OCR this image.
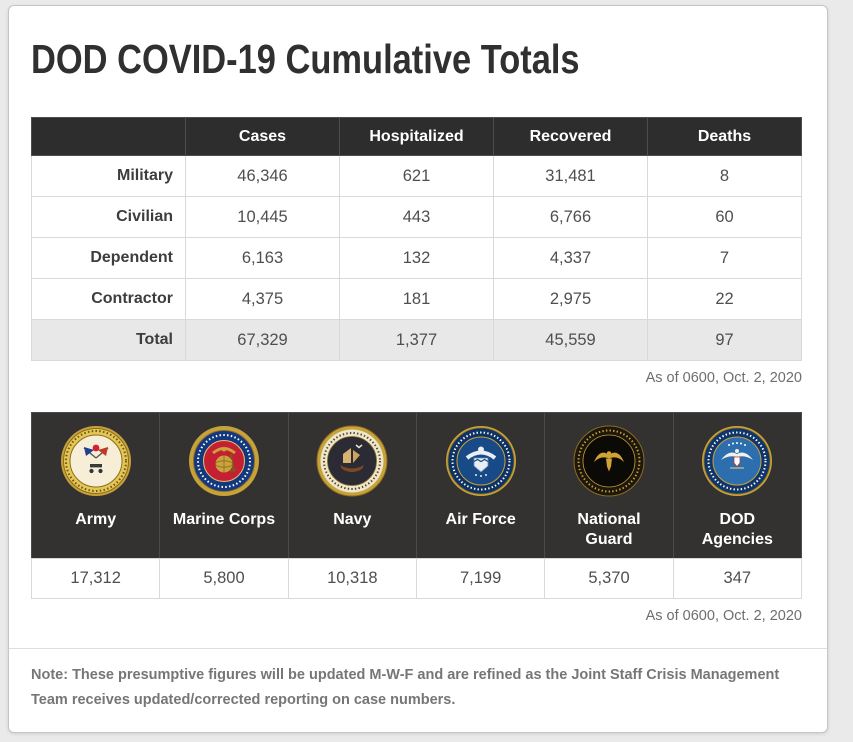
DOD COVID-19 Cumulative Totals
	Cases	Hospitalized	Recovered	Deaths
Military	46,346	621	31,481	8
Civilian	10,445	443	6,766	60
Dependent	6,163	132	4,337	7
Contractor	4,375	181	2,975	22
Total	67,329	1,377	45,559	97
As of 0600, Oct. 2, 2020

Army	Marine Corps	Navy	Air Force	National Guard	DOD Agencies
17,312	5,800	10,318	7,199	5,370	347
As of 0600, Oct. 2, 2020

Note: These presumptive figures will be updated M-W-F and are refined as the Joint Staff Crisis Management Team receives updated/corrected reporting on case numbers.
